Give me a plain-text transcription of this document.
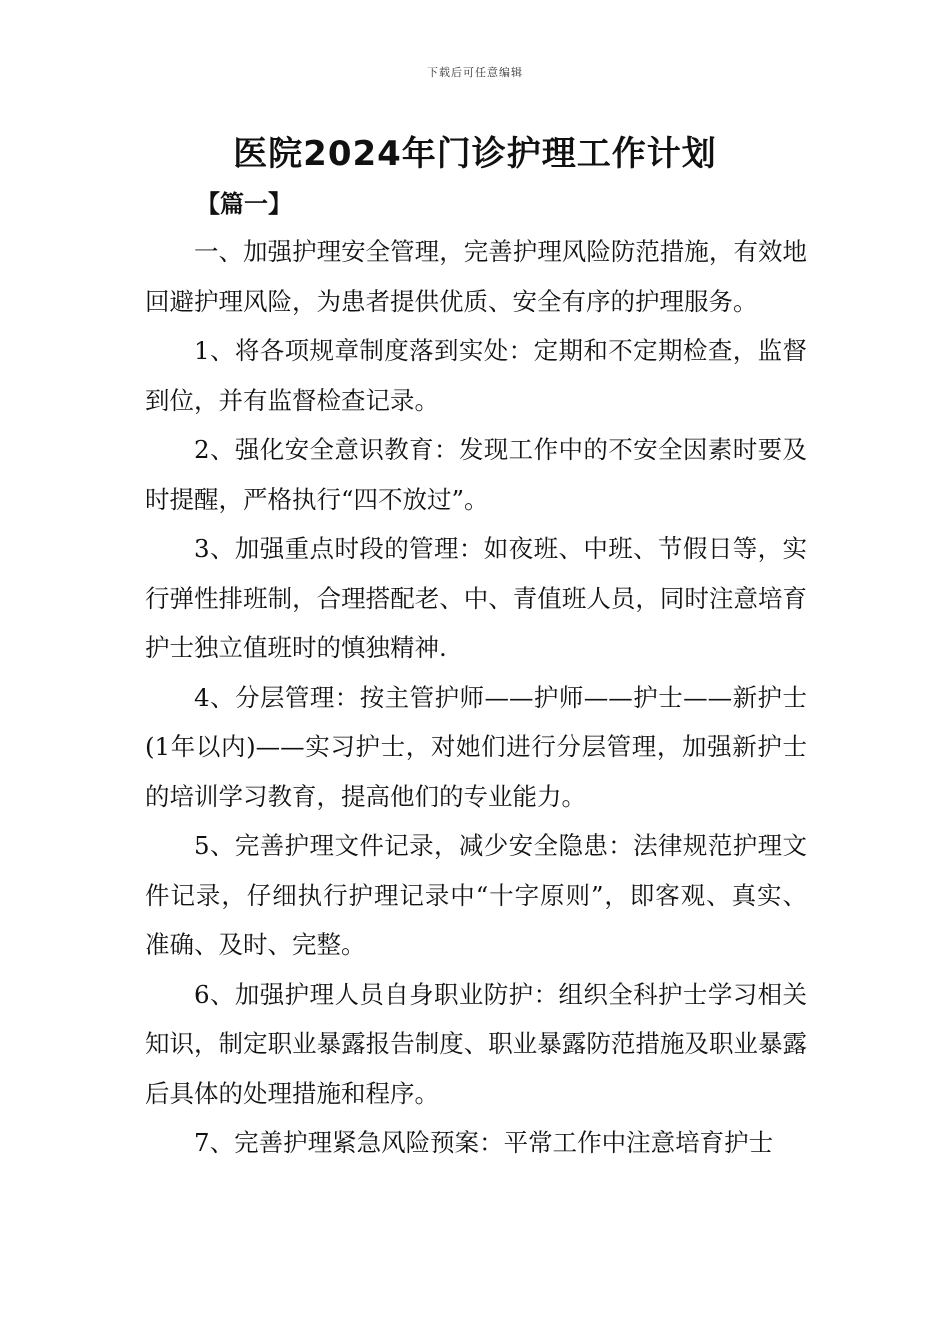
下载后可任意编辑
医院2024年门诊护理工作计划
【篇一】

一、加强护理安全管理，完善护理风险防范措施，有效地回避护理风险，为患者提供优质、安全有序的护理服务。

1、将各项规章制度落到实处：定期和不定期检查，监督到位，并有监督检查记录。

2、强化安全意识教育：发现工作中的不安全因素时要及时提醒，严格执行“四不放过”。

3、加强重点时段的管理：如夜班、中班、节假日等，实行弹性排班制，合理搭配老、中、青值班人员，同时注意培育护士独立值班时的慎独精神.

4、分层管理：按主管护师——护师——护士——新护士(1年以内)——实习护士，对她们进行分层管理，加强新护士的培训学习教育，提高他们的专业能力。

5、完善护理文件记录，减少安全隐患：法律规范护理文件记录，仔细执行护理记录中“十字原则”，即客观、真实、准确、及时、完整。

6、加强护理人员自身职业防护：组织全科护士学习相关知识，制定职业暴露报告制度、职业暴露防范措施及职业暴露后具体的处理措施和程序。

7、完善护理紧急风险预案：平常工作中注意培育护士
